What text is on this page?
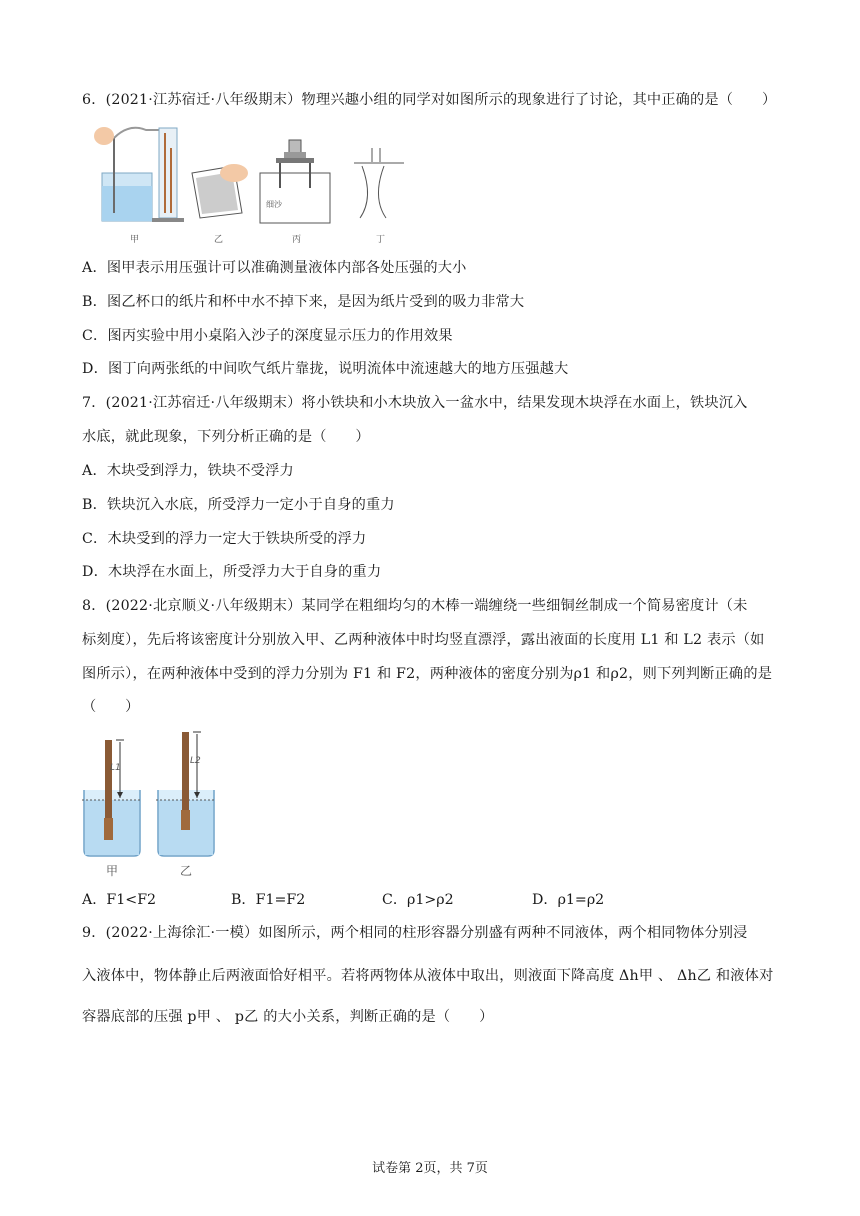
6．(2021·江苏宿迁·八年级期末）物理兴趣小组的同学对如图所示的现象进行了讨论，其中正确的是（　　）
甲	乙	丙	丁
细沙
A．图甲表示用压强计可以准确测量液体内部各处压强的大小
B．图乙杯口的纸片和杯中水不掉下来，是因为纸片受到的吸力非常大
C．图丙实验中用小桌陷入沙子的深度显示压力的作用效果
D．图丁向两张纸的中间吹气纸片靠拢，说明流体中流速越大的地方压强越大
7．(2021·江苏宿迁·八年级期末）将小铁块和小木块放入一盆水中，结果发现木块浮在水面上，铁块沉入
水底，就此现象，下列分析正确的是（　　）
A．木块受到浮力，铁块不受浮力
B．铁块沉入水底，所受浮力一定小于自身的重力
C．木块受到的浮力一定大于铁块所受的浮力
D．木块浮在水面上，所受浮力大于自身的重力
8．(2022·北京顺义·八年级期末）某同学在粗细均匀的木棒一端缠绕一些细铜丝制成一个简易密度计（未
标刻度），先后将该密度计分别放入甲、乙两种液体中时均竖直漂浮，露出液面的长度用 L1 和 L2 表示（如
图所示），在两种液体中受到的浮力分别为 F1 和 F2，两种液体的密度分别为ρ1 和ρ2，则下列判断正确的是
（　　）
L1
L2
甲	乙
A．F1<F2	B．F1=F2	C．ρ1>ρ2	D．ρ1=ρ2
9．(2022·上海徐汇·一模）如图所示，两个相同的柱形容器分别盛有两种不同液体，两个相同物体分别浸
入液体中，物体静止后两液面恰好相平。若将两物体从液体中取出，则液面下降高度 Δh甲 、 Δh乙 和液体对
容器底部的压强 p甲 、 p乙 的大小关系，判断正确的是（　　）
试卷第 2页，共 7页
